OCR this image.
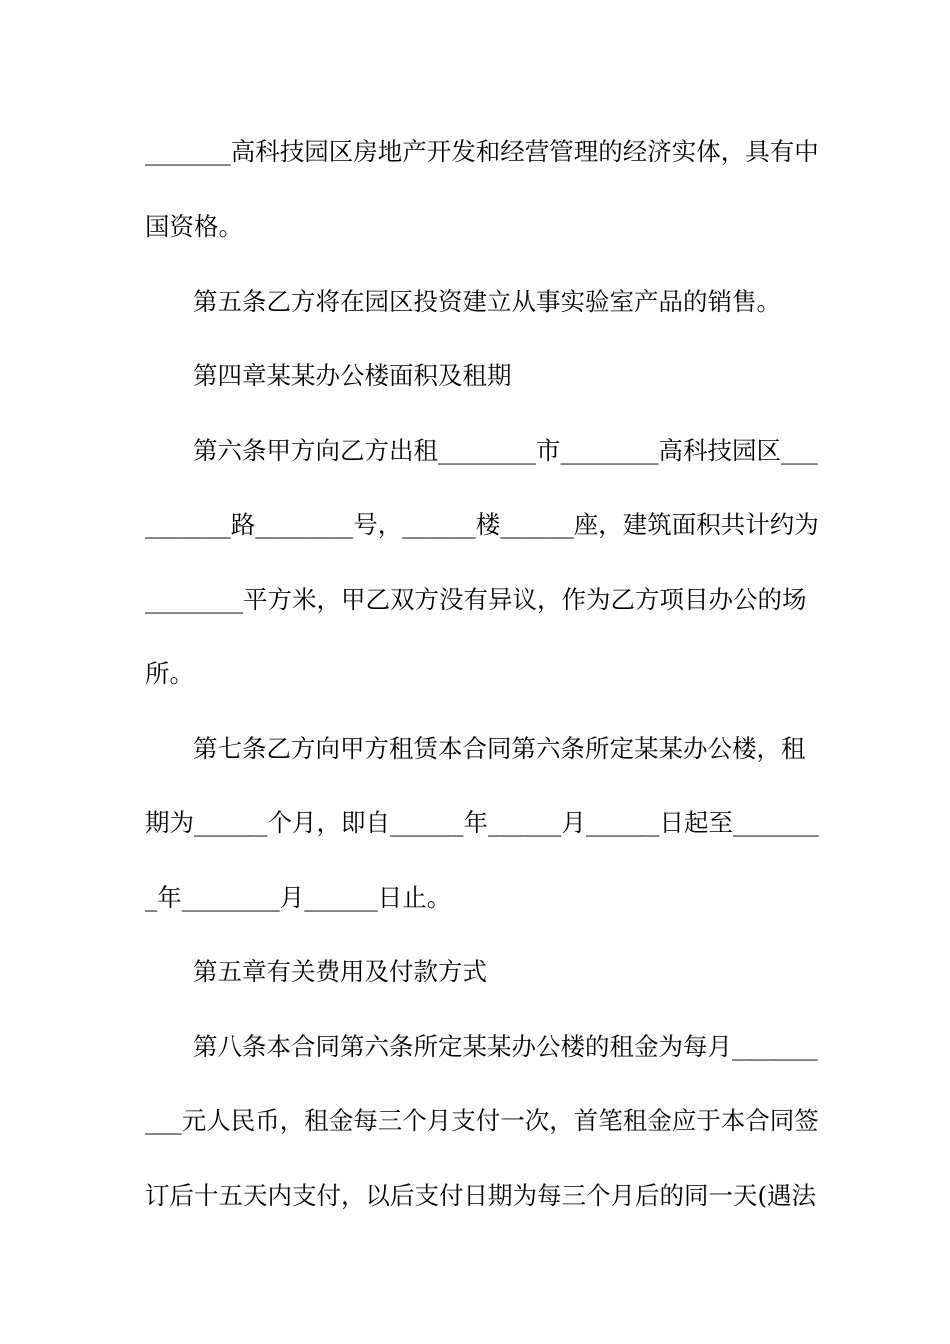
_______高科技园区房地产开发和经营管理的经济实体，具有中
国资格。
第五条乙方将在园区投资建立从事实验室产品的销售。
第四章某某办公楼面积及租期
第六条甲方向乙方出租________市________高科技园区___
_______路________号，______楼______座，建筑面积共计约为
________平方米，甲乙双方没有异议，作为乙方项目办公的场
所。
第七条乙方向甲方租赁本合同第六条所定某某办公楼，租
期为______个月，即自______年______月______日起至_______
_年________月______日止。
第五章有关费用及付款方式
第八条本合同第六条所定某某办公楼的租金为每月_______
___元人民币，租金每三个月支付一次，首笔租金应于本合同签
订后十五天内支付，以后支付日期为每三个月后的同一天(遇法
